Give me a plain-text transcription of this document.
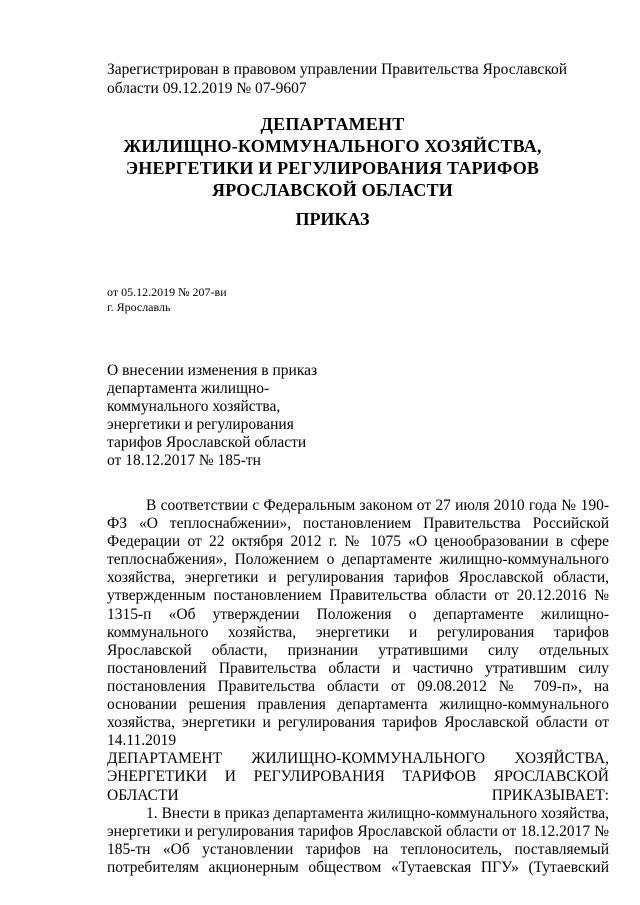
Зарегистрирован в правовом управлении Правительства Ярославской области 09.12.2019 № 07-9607
ДЕПАРТАМЕНТ
ЖИЛИЩНО-КОММУНАЛЬНОГО ХОЗЯЙСТВА,
ЭНЕРГЕТИКИ И РЕГУЛИРОВАНИЯ ТАРИФОВ
ЯРОСЛАВСКОЙ ОБЛАСТИ
ПРИКАЗ
от 05.12.2019 № 207-ви
г. Ярославль
О внесении изменения в приказ
департамента жилищно-
коммунального хозяйства,
энергетики и регулирования
тарифов Ярославской области
от 18.12.2017 № 185-тн

В соответствии с Федеральным законом от 27 июля 2010 года № 190-ФЗ «О теплоснабжении», постановлением Правительства Российской Федерации от 22 октября 2012 г. № 1075 «О ценообразовании в сфере теплоснабжения», Положением о департаменте жилищно-коммунального хозяйства, энергетики и регулирования тарифов Ярославской области, утвержденным постановлением Правительства области от 20.12.2016 № 1315-п «Об утверждении Положения о департаменте жилищно-коммунального хозяйства, энергетики и регулирования тарифов Ярославской области, признании утратившими силу отдельных постановлений Правительства области и частично утратившим силу постановления Правительства области от 09.08.2012 № 709-п», на основании решения правления департамента жилищно-коммунального хозяйства, энергетики и регулирования тарифов Ярославской области от 14.11.2019

ДЕПАРТАМЕНТ ЖИЛИЩНО-КОММУНАЛЬНОГО ХОЗЯЙСТВА, ЭНЕРГЕТИКИ И РЕГУЛИРОВАНИЯ ТАРИФОВ ЯРОСЛАВСКОЙ ОБЛАСТИ ПРИКАЗЫВАЕТ:

1. Внести в приказ департамента жилищно-коммунального хозяйства, энергетики и регулирования тарифов Ярославской области от 18.12.2017 № 185-тн «Об установлении тарифов на теплоноситель, поставляемый потребителям акционерным обществом «Тутаевская ПГУ» (Тутаевский
